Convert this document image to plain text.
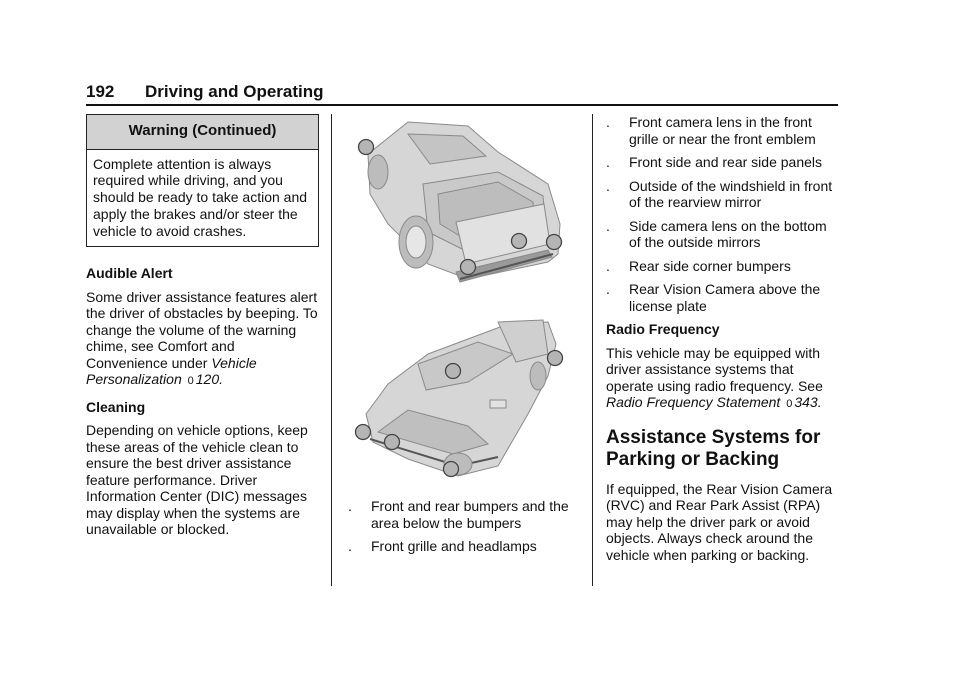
192 Driving and Operating
Warning (Continued)
Complete attention is always required while driving, and you should be ready to take action and apply the brakes and/or steer the vehicle to avoid crashes.

Audible Alert

Some driver assistance features alert the driver of obstacles by beeping. To change the volume of the warning chime, see Comfort and Convenience under Vehicle Personalization 0 120.

Cleaning

Depending on vehicle options, keep these areas of the vehicle clean to ensure the best driver assistance feature performance. Driver Information Center (DIC) messages may display when the systems are unavailable or blocked.

.	Front and rear bumpers and the area below the bumpers
.	Front grille and headlamps
.	Front camera lens in the front grille or near the front emblem
.	Front side and rear side panels
.	Outside of the windshield in front of the rearview mirror
.	Side camera lens on the bottom of the outside mirrors
.	Rear side corner bumpers
.	Rear Vision Camera above the license plate

Radio Frequency

This vehicle may be equipped with driver assistance systems that operate using radio frequency. See Radio Frequency Statement 0 343.

Assistance Systems for Parking or Backing

If equipped, the Rear Vision Camera (RVC) and Rear Park Assist (RPA) may help the driver park or avoid objects. Always check around the vehicle when parking or backing.
